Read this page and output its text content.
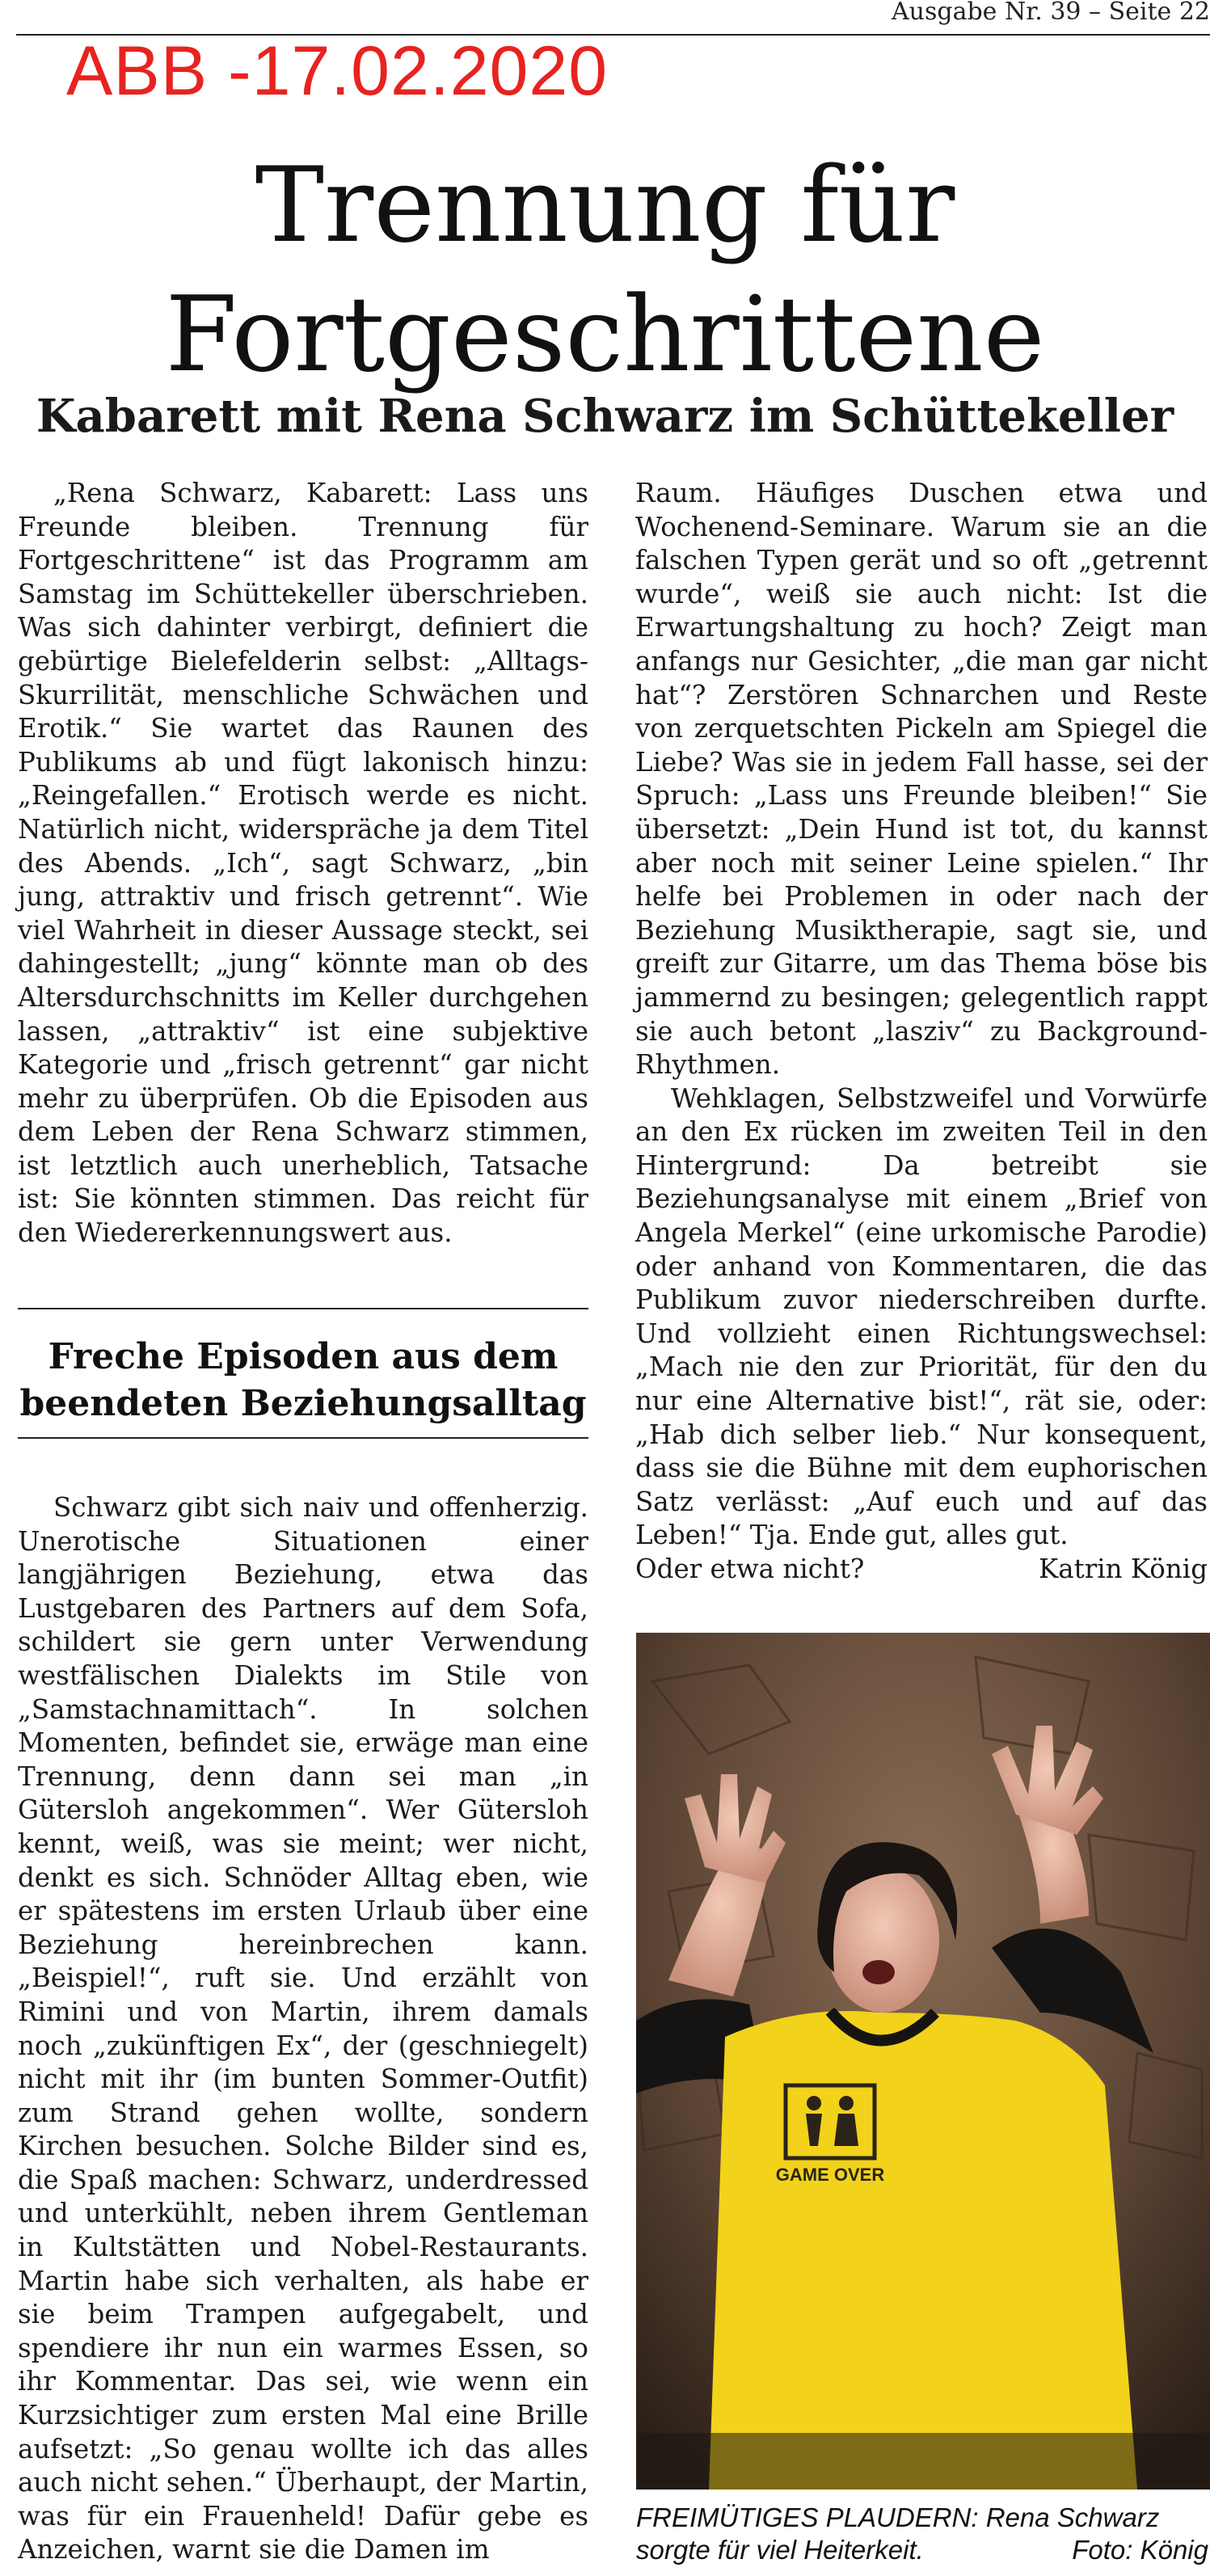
Ausgabe Nr. 39 – Seite 22
ABB -17.02.2020
Trennung für
Fortgeschrittene
Kabarett mit Rena Schwarz im Schüttekeller

„Rena Schwarz, Kabarett: Lass uns Freunde bleiben. Trennung für Fortgeschrittene“ ist das Programm am Samstag im Schüttekeller überschrieben. Was sich dahinter verbirgt, definiert die gebürtige Bielefelderin selbst: „Alltags-Skurrilität, menschliche Schwächen und Erotik.“ Sie wartet das Raunen des Publikums ab und fügt lakonisch hinzu: „Reingefallen.“ Erotisch werde es nicht. Natürlich nicht, widerspräche ja dem Titel des Abends. „Ich“, sagt Schwarz, „bin jung, attraktiv und frisch getrennt“. Wie viel Wahrheit in dieser Aussage steckt, sei dahingestellt; „jung“ könnte man ob des Altersdurchschnitts im Keller durchgehen lassen, „attraktiv“ ist eine subjektive Kategorie und „frisch getrennt“ gar nicht mehr zu überprüfen. Ob die Episoden aus dem Leben der Rena Schwarz stimmen, ist letztlich auch unerheblich, Tatsache ist: Sie könnten stimmen. Das reicht für den Wiedererkennungswert aus.

Freche Episoden aus dem
beendeten Beziehungsalltag

Schwarz gibt sich naiv und offenherzig. Unerotische Situationen einer langjährigen Beziehung, etwa das Lustgebaren des Partners auf dem Sofa, schildert sie gern unter Verwendung westfälischen Dialekts im Stile von „Samstachnamittach“. In solchen Momenten, befindet sie, erwäge man eine Trennung, denn dann sei man „in Gütersloh angekommen“. Wer Gütersloh kennt, weiß, was sie meint; wer nicht, denkt es sich. Schnöder Alltag eben, wie er spätestens im ersten Urlaub über eine Beziehung hereinbrechen kann. „Beispiel!“, ruft sie. Und erzählt von Rimini und von Martin, ihrem damals noch „zukünftigen Ex“, der (geschniegelt) nicht mit ihr (im bunten Sommer-Outfit) zum Strand gehen wollte, sondern Kirchen besuchen. Solche Bilder sind es, die Spaß machen: Schwarz, underdressed und unterkühlt, neben ihrem Gentleman in Kultstätten und Nobel-Restaurants. Martin habe sich verhalten, als habe er sie beim Trampen aufgegabelt, und spendiere ihr nun ein warmes Essen, so ihr Kommentar. Das sei, wie wenn ein Kurzsichtiger zum ersten Mal eine Brille aufsetzt: „So genau wollte ich das alles auch nicht sehen.“ Überhaupt, der Martin, was für ein Frauenheld! Dafür gebe es Anzeichen, warnt sie die Damen im

Raum. Häufiges Duschen etwa und Wochenend-Seminare. Warum sie an die falschen Typen gerät und so oft „getrennt wurde“, weiß sie auch nicht: Ist die Erwartungshaltung zu hoch? Zeigt man anfangs nur Gesichter, „die man gar nicht hat“? Zerstören Schnarchen und Reste von zerquetschten Pickeln am Spiegel die Liebe? Was sie in jedem Fall hasse, sei der Spruch: „Lass uns Freunde bleiben!“ Sie übersetzt: „Dein Hund ist tot, du kannst aber noch mit seiner Leine spielen.“ Ihr helfe bei Problemen in oder nach der Beziehung Musiktherapie, sagt sie, und greift zur Gitarre, um das Thema böse bis jammernd zu besingen; gelegentlich rappt sie auch betont „lasziv“ zu Background-Rhythmen.

Wehklagen, Selbstzweifel und Vorwürfe an den Ex rücken im zweiten Teil in den Hintergrund: Da betreibt sie Beziehungsanalyse mit einem „Brief von Angela Merkel“ (eine urkomische Parodie) oder anhand von Kommentaren, die das Publikum zuvor niederschreiben durfte. Und vollzieht einen Richtungswechsel: „Mach nie den zur Priorität, für den du nur eine Alternative bist!“, rät sie, oder: „Hab dich selber lieb.“ Nur konsequent, dass sie die Bühne mit dem euphorischen Satz verlässt: „Auf euch und auf das Leben!“ Tja. Ende gut, alles gut.

Oder etwa nicht?	Katrin König
GAME OVER
FREIMÜTIGES PLAUDERN: Rena Schwarz
sorgte für viel Heiterkeit.	Foto: König
